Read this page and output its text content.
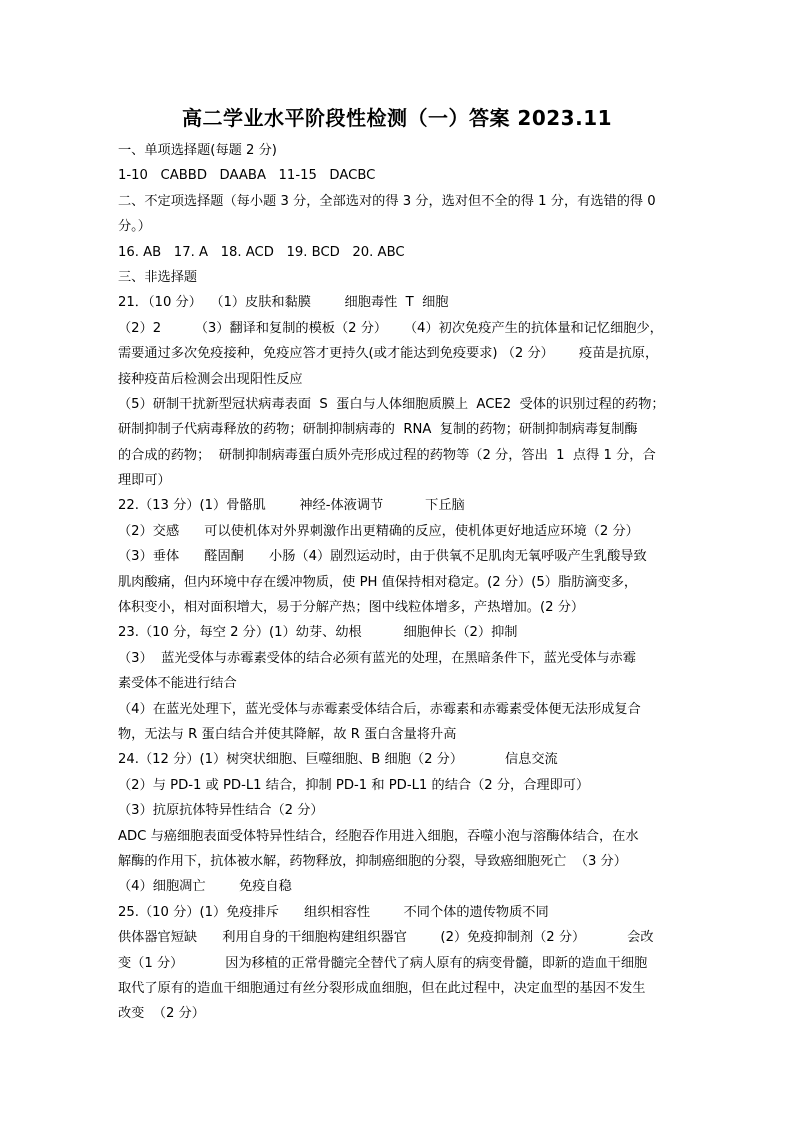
高二学业水平阶段性检测（一）答案 2023.11
一、单项选择题(每题 2 分)
1-10   CABBD   DAABA   11-15   DACBC
二、不定项选择题（每小题 3 分，全部选对的得 3 分，选对但不全的得 1 分，有选错的得 0
分。）
16. AB   17. A   18. ACD   19. BCD   20. ABC
三、非选择题
21．（10 分）  （1）皮肤和黏膜        细胞毒性  T  细胞
（2）2        （3）翻译和复制的模板（2 分）    （4）初次免疫产生的抗体量和记忆细胞少，
需要通过多次免疫接种，免疫应答才更持久(或才能达到免疫要求) （2 分）      疫苗是抗原，
接种疫苗后检测会出现阳性反应
（5）研制干扰新型冠状病毒表面  S  蛋白与人体细胞质膜上  ACE2  受体的识别过程的药物；
研制抑制子代病毒释放的药物；研制抑制病毒的  RNA  复制的药物；研制抑制病毒复制酶
的合成的药物；  研制抑制病毒蛋白质外壳形成过程的药物等（2 分，答出  1  点得 1 分，合
理即可）
22.（13 分）(1）骨骼肌        神经-体液调节          下丘脑
（2）交感      可以使机体对外界刺激作出更精确的反应，使机体更好地适应环境（2 分）
（3）垂体      醛固酮      小肠（4）剧烈运动时，由于供氧不足肌肉无氧呼吸产生乳酸导致
肌肉酸痛，但内环境中存在缓冲物质，使 PH 值保持相对稳定。(2 分）(5）脂肪滴变多，
体积变小，相对面积增大，易于分解产热；图中线粒体增多，产热增加。(2 分）
23.（10 分，每空 2 分）(1）幼芽、幼根          细胞伸长（2）抑制
（3）  蓝光受体与赤霉素受体的结合必须有蓝光的处理，在黑暗条件下，蓝光受体与赤霉
素受体不能进行结合
（4）在蓝光处理下，蓝光受体与赤霉素受体结合后，赤霉素和赤霉素受体便无法形成复合
物，无法与 R 蛋白结合并使其降解，故 R 蛋白含量将升高
24.（12 分）(1）树突状细胞、巨噬细胞、B 细胞（2 分）          信息交流
（2）与 PD-1 或 PD-L1 结合，抑制 PD-1 和 PD-L1 的结合（2 分，合理即可）
（3）抗原抗体特异性结合（2 分）
ADC 与癌细胞表面受体特异性结合，经胞吞作用进入细胞，吞噬小泡与溶酶体结合，在水
解酶的作用下，抗体被水解，药物释放，抑制癌细胞的分裂，导致癌细胞死亡  （3 分）
（4）细胞凋亡        免疫自稳
25.（10 分）(1）免疫排斥      组织相容性        不同个体的遗传物质不同
供体器官短缺      利用自身的干细胞构建组织器官        (2）免疫抑制剂（2 分）          会改
变（1 分）          因为移植的正常骨髓完全替代了病人原有的病变骨髓，即新的造血干细胞
取代了原有的造血干细胞通过有丝分裂形成血细胞，但在此过程中，决定血型的基因不发生
改变  （2 分）
